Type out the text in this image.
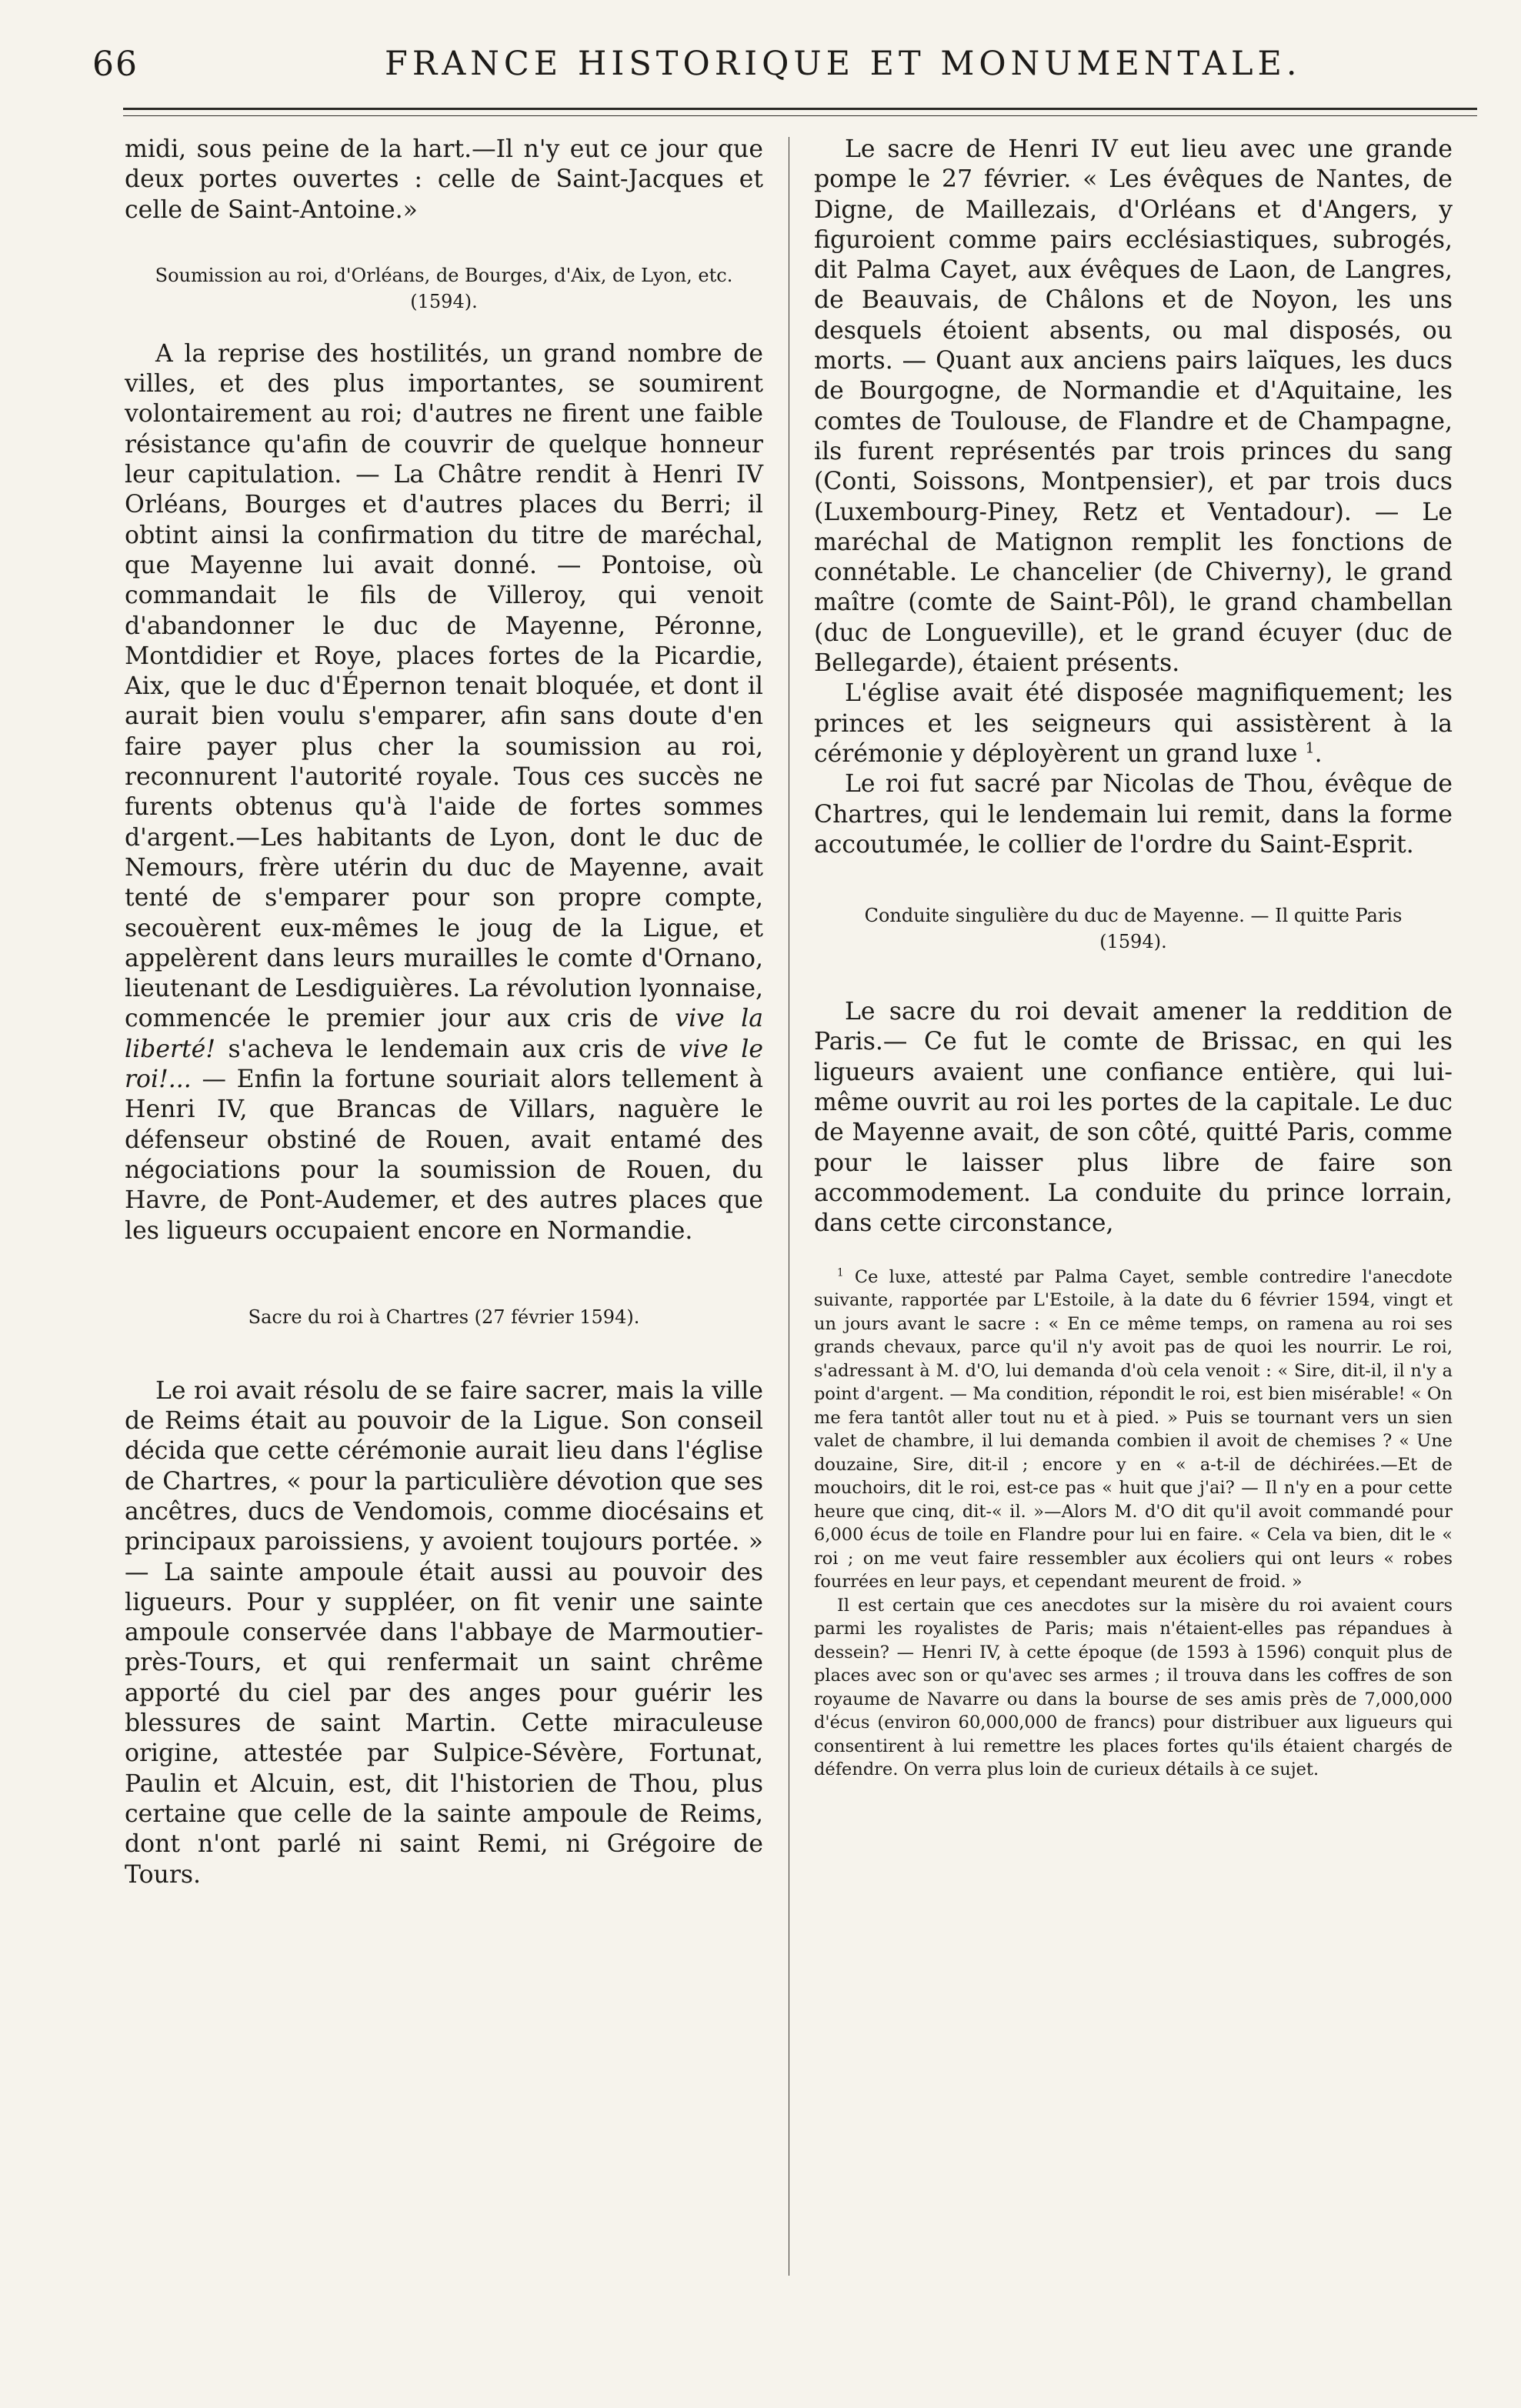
66	FRANCE HISTORIQUE ET MONUMENTALE.

midi, sous peine de la hart.—Il n'y eut ce jour que deux portes ouvertes : celle de Saint-Jacques et celle de Saint-Antoine.»

Soumission au roi, d'Orléans, de Bourges, d'Aix, de Lyon, etc. (1594).

A la reprise des hostilités, un grand nombre de villes, et des plus importantes, se soumirent volontairement au roi; d'autres ne firent une faible résistance qu'afin de couvrir de quelque honneur leur capitulation. — La Châtre rendit à Henri IV Orléans, Bourges et d'autres places du Berri; il obtint ainsi la confirmation du titre de maréchal, que Mayenne lui avait donné. — Pontoise, où commandait le fils de Villeroy, qui venoit d'abandonner le duc de Mayenne, Péronne, Montdidier et Roye, places fortes de la Picardie, Aix, que le duc d'Épernon tenait bloquée, et dont il aurait bien voulu s'emparer, afin sans doute d'en faire payer plus cher la soumission au roi, reconnurent l'autorité royale. Tous ces succès ne furents obtenus qu'à l'aide de fortes sommes d'argent.—Les habitants de Lyon, dont le duc de Nemours, frère utérin du duc de Mayenne, avait tenté de s'emparer pour son propre compte, secouèrent eux-mêmes le joug de la Ligue, et appelèrent dans leurs murailles le comte d'Ornano, lieutenant de Lesdiguières. La révolution lyonnaise, commencée le premier jour aux cris de vive la liberté! s'acheva le lendemain aux cris de vive le roi!... — Enfin la fortune souriait alors tellement à Henri IV, que Brancas de Villars, naguère le défenseur obstiné de Rouen, avait entamé des négociations pour la soumission de Rouen, du Havre, de Pont-Audemer, et des autres places que les ligueurs occupaient encore en Normandie.

Sacre du roi à Chartres (27 février 1594).

Le roi avait résolu de se faire sacrer, mais la ville de Reims était au pouvoir de la Ligue. Son conseil décida que cette cérémonie aurait lieu dans l'église de Chartres, « pour la particulière dévotion que ses ancêtres, ducs de Vendomois, comme diocésains et principaux paroissiens, y avoient toujours portée. » — La sainte ampoule était aussi au pouvoir des ligueurs. Pour y suppléer, on fit venir une sainte ampoule conservée dans l'abbaye de Marmoutier-près-Tours, et qui renfermait un saint chrême apporté du ciel par des anges pour guérir les blessures de saint Martin. Cette miraculeuse origine, attestée par Sulpice-Sévère, Fortunat, Paulin et Alcuin, est, dit l'historien de Thou, plus certaine que celle de la sainte ampoule de Reims, dont n'ont parlé ni saint Remi, ni Grégoire de Tours.

Le sacre de Henri IV eut lieu avec une grande pompe le 27 février. « Les évêques de Nantes, de Digne, de Maillezais, d'Orléans et d'Angers, y figuroient comme pairs ecclésiastiques, subrogés, dit Palma Cayet, aux évêques de Laon, de Langres, de Beauvais, de Châlons et de Noyon, les uns desquels étoient absents, ou mal disposés, ou morts. — Quant aux anciens pairs laïques, les ducs de Bourgogne, de Normandie et d'Aquitaine, les comtes de Toulouse, de Flandre et de Champagne, ils furent représentés par trois princes du sang (Conti, Soissons, Montpensier), et par trois ducs (Luxembourg-Piney, Retz et Ventadour). — Le maréchal de Matignon remplit les fonctions de connétable. Le chancelier (de Chiverny), le grand maître (comte de Saint-Pôl), le grand chambellan (duc de Longueville), et le grand écuyer (duc de Bellegarde), étaient présents.

L'église avait été disposée magnifiquement; les princes et les seigneurs qui assistèrent à la cérémonie y déployèrent un grand luxe $^1$.

Le roi fut sacré par Nicolas de Thou, évêque de Chartres, qui le lendemain lui remit, dans la forme accoutumée, le collier de l'ordre du Saint-Esprit.

Conduite singulière du duc de Mayenne. — Il quitte Paris (1594).

Le sacre du roi devait amener la reddition de Paris.— Ce fut le comte de Brissac, en qui les ligueurs avaient une confiance entière, qui lui-même ouvrit au roi les portes de la capitale. Le duc de Mayenne avait, de son côté, quitté Paris, comme pour le laisser plus libre de faire son accommodement. La conduite du prince lorrain, dans cette circonstance,

$^1$ Ce luxe, attesté par Palma Cayet, semble contredire l'anecdote suivante, rapportée par L'Estoile, à la date du 6 février 1594, vingt et un jours avant le sacre : « En ce même temps, on ramena au roi ses grands chevaux, parce qu'il n'y avoit pas de quoi les nourrir. Le roi, s'adressant à M. d'O, lui demanda d'où cela venoit : « Sire, dit-il, il n'y a point d'argent. — Ma condition, répondit le roi, est bien misérable! « On me fera tantôt aller tout nu et à pied. » Puis se tournant vers un sien valet de chambre, il lui demanda combien il avoit de chemises ? « Une douzaine, Sire, dit-il ; encore y en « a-t-il de déchirées.—Et de mouchoirs, dit le roi, est-ce pas « huit que j'ai? — Il n'y en a pour cette heure que cinq, dit-« il. »—Alors M. d'O dit qu'il avoit commandé pour 6,000 écus de toile en Flandre pour lui en faire. « Cela va bien, dit le « roi ; on me veut faire ressembler aux écoliers qui ont leurs « robes fourrées en leur pays, et cependant meurent de froid. »

Il est certain que ces anecdotes sur la misère du roi avaient cours parmi les royalistes de Paris; mais n'étaient-elles pas répandues à dessein? — Henri IV, à cette époque (de 1593 à 1596) conquit plus de places avec son or qu'avec ses armes ; il trouva dans les coffres de son royaume de Navarre ou dans la bourse de ses amis près de 7,000,000 d'écus (environ 60,000,000 de francs) pour distribuer aux ligueurs qui consentirent à lui remettre les places fortes qu'ils étaient chargés de défendre. On verra plus loin de curieux détails à ce sujet.
